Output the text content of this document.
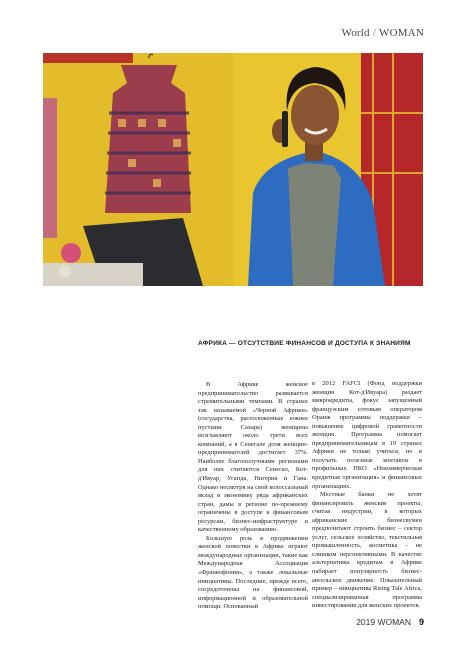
World / WOMAN
АФРИКА — ОТСУТСТВИЕ ФИНАНСОВ И ДОСТУПА К ЗНАНИЯМ

В Африке женское предпринимательство развивается стремительными темпами. В странах так называемой «Черной Африки» (государства, расположенные южнее пустыни Сахара) женщины возглавляют около трети всех компаний, а в Сенегале доля женщин-предпринимателей достигает 37%. Наиболее благополучными регионами для них считаются Сенегал, Кот-д'Ивуар, Уганда, Нигерия и Гана. Однако несмотря на свой колоссальный вклад в экономику ряда африканских стран, дамы в регионе по-прежнему ограничены в доступе к финансовым ресурсам, бизнес-инфраструктуре и качественному образованию.

Большую роль в продвижении женской повестки в Африке играют международные организации, такие как Международная Ассоциация «Франкофония», а также локальные инициативы. Последние, прежде всего, сосредоточены на финансовой, информационной и образовательной помощи. Основанный

в 2012 FAFCI (Фонд поддержки женщин Кот-д'Ивуара) раздает микрокредиты, фокус запущенный французским сотовым оператором Оранж программы поддержки – повышение цифровой грамотности женщин. Программа помогает предпринимательницам в 19 странах Африки не только учиться, но и получать полезные контакты в профильных НКО «Некоммерческая кредитная организация» и финансовых организациях.

Местные банки не хотят финансировать женские проекты, считая индустрии, в которых африканские бизнесвумен предпочитают строить бизнес – сектор услуг, сельское хозяйство, текстильная промышленность, косметика – не слишком перспективными. В качестве альтернативы кредитам в Африке набирает популярность бизнес-ангельское движение. Показательный пример – инициатива Rising Tale Africa, специализированная программа инвестирования для женских проектов.

2019 WOMAN 9
